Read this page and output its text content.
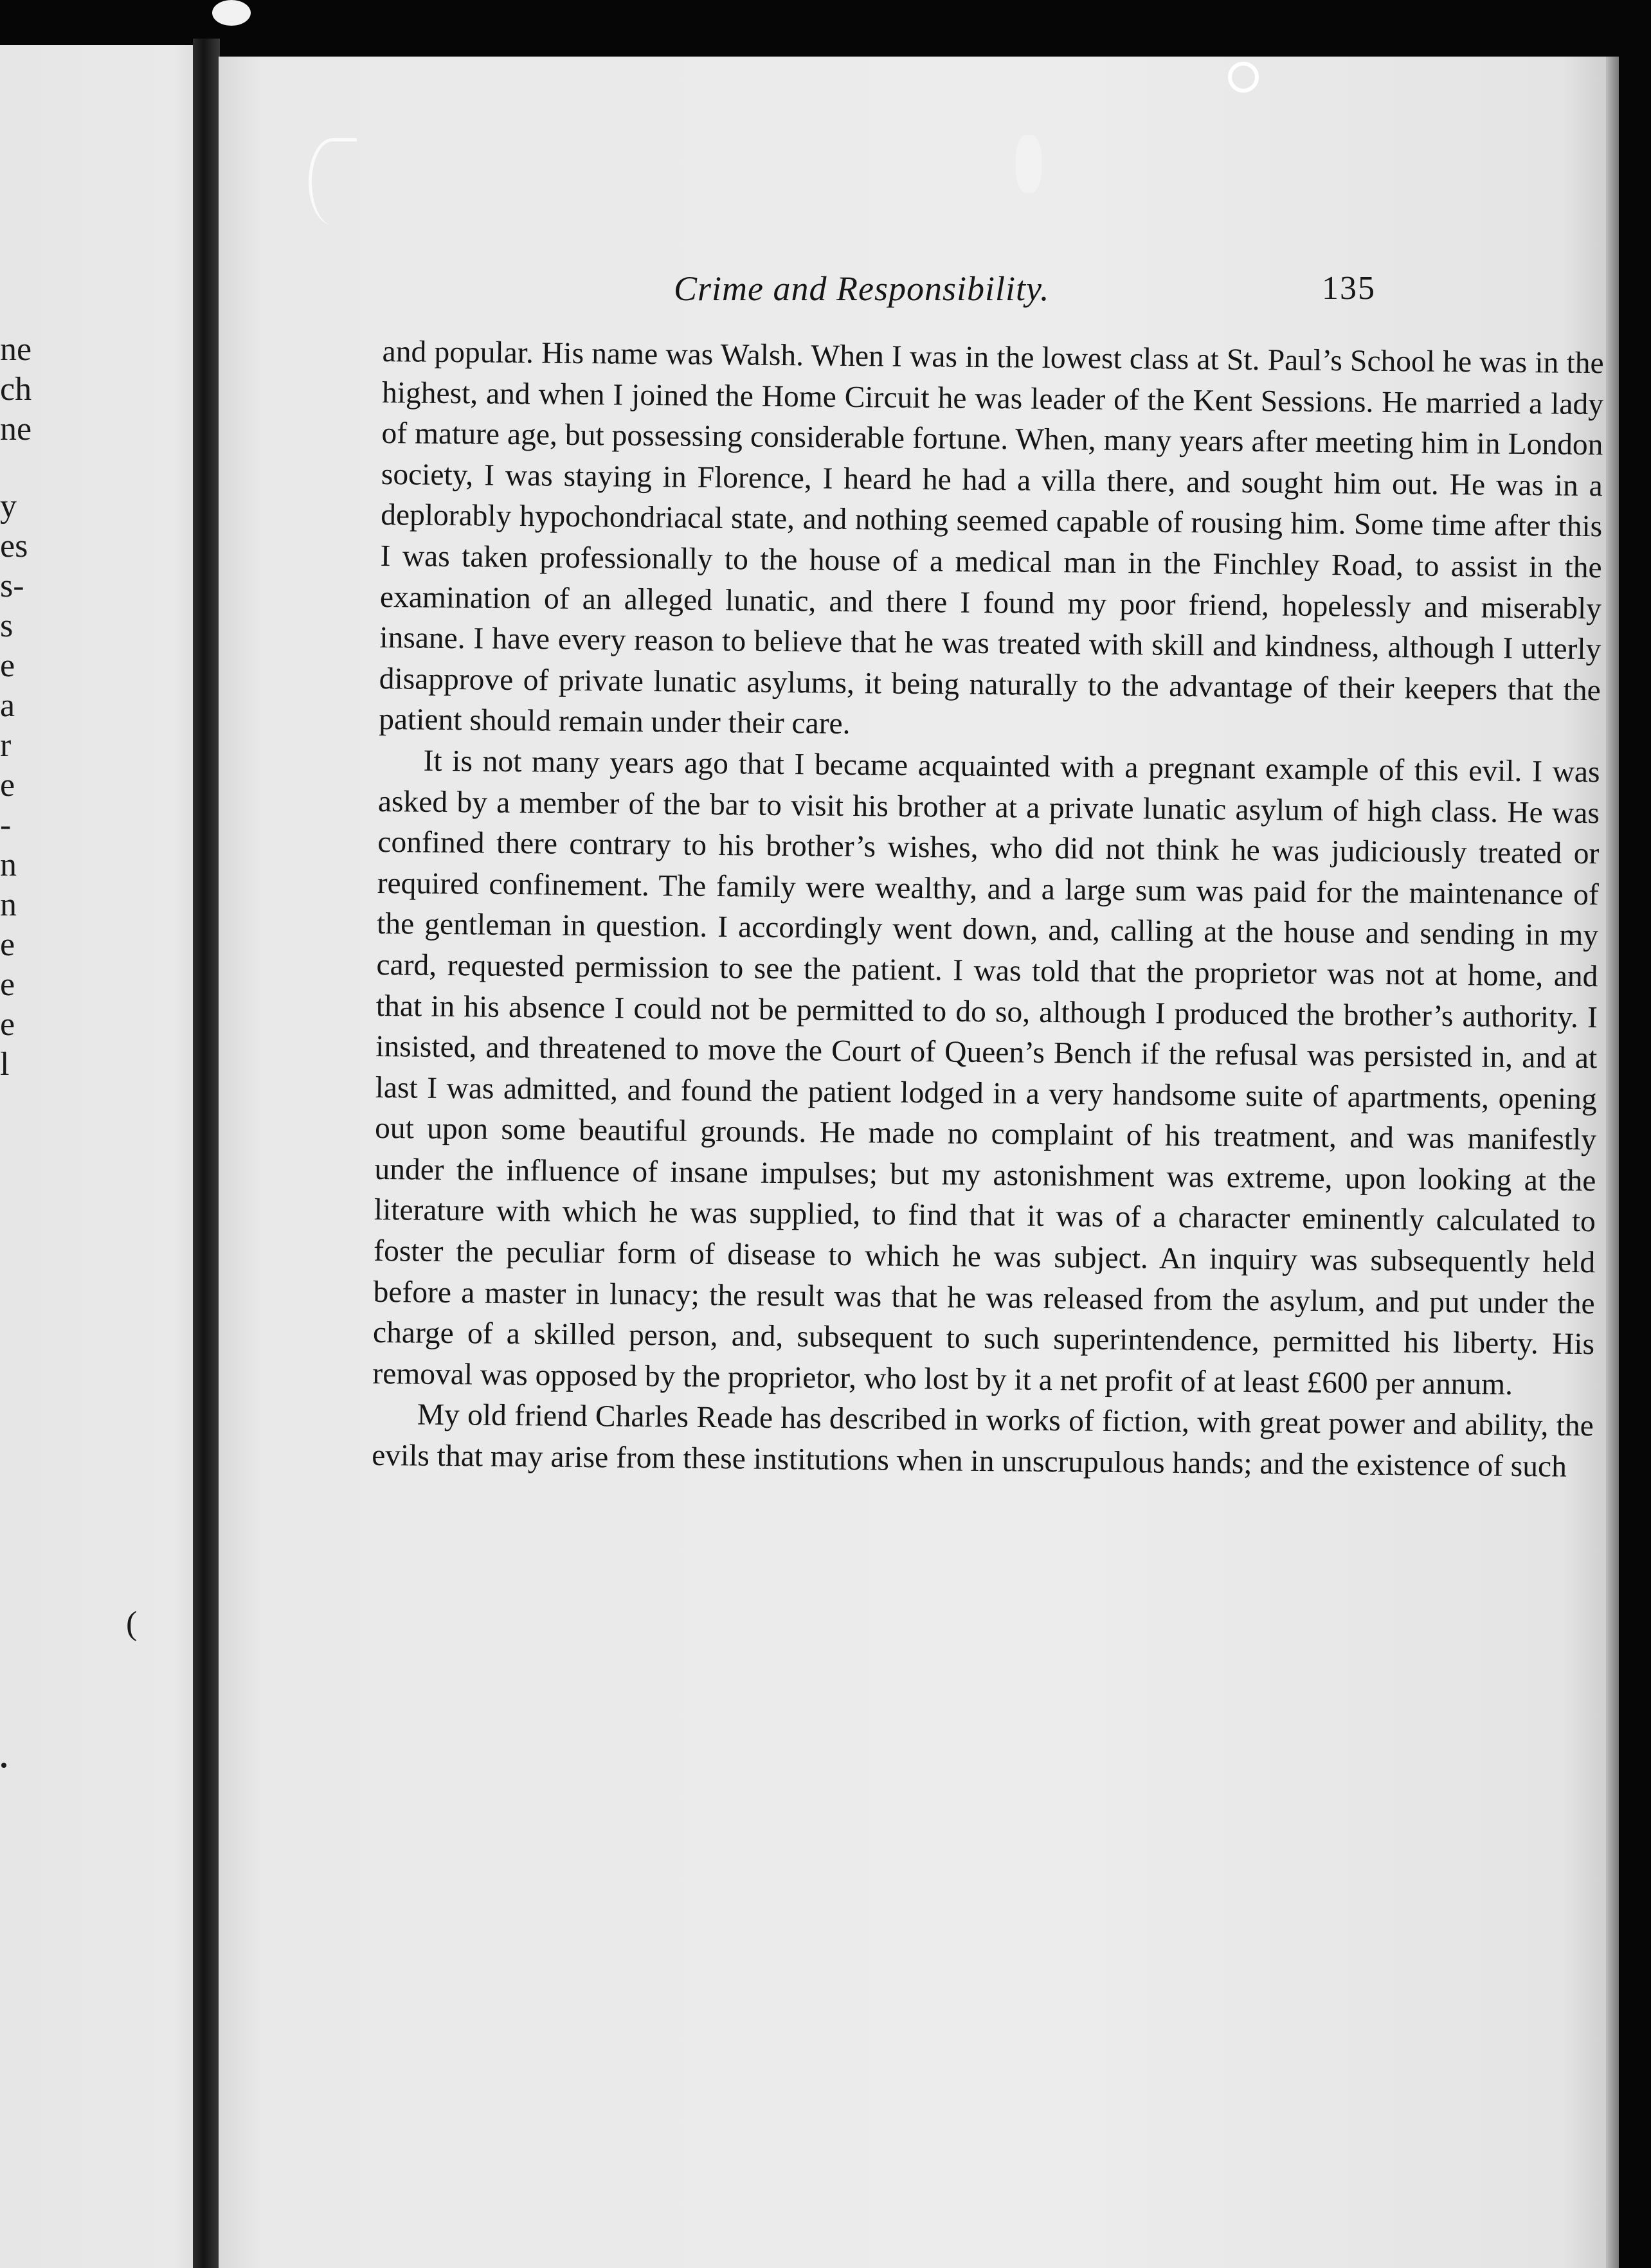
ne

ch

ne

y

es

s-

s

e

a

r

e

-

n

n

e

e

e

l

(

•

Crime and Responsibility.	135

and popular. His name was Walsh. When I was in the lowest class at St. Paul’s School he was in the highest, and when I joined the Home Circuit he was leader of the Kent Sessions. He married a lady of mature age, but possessing considerable fortune. When, many years after meeting him in London society, I was staying in Florence, I heard he had a villa there, and sought him out. He was in a deplorably hypochondriacal state, and nothing seemed capable of rousing him. Some time after this I was taken professionally to the house of a medical man in the Finchley Road, to assist in the examination of an alleged lunatic, and there I found my poor friend, hopelessly and miserably insane. I have every reason to believe that he was treated with skill and kindness, although I utterly disapprove of private lunatic asylums, it being naturally to the advantage of their keepers that the patient should remain under their care.

It is not many years ago that I became acquainted with a pregnant example of this evil. I was asked by a member of the bar to visit his brother at a private lunatic asylum of high class. He was confined there contrary to his brother’s wishes, who did not think he was judiciously treated or required confinement. The family were wealthy, and a large sum was paid for the maintenance of the gentleman in question. I accordingly went down, and, calling at the house and sending in my card, requested permission to see the patient. I was told that the proprietor was not at home, and that in his absence I could not be permitted to do so, although I produced the brother’s authority. I insisted, and threatened to move the Court of Queen’s Bench if the refusal was persisted in, and at last I was admitted, and found the patient lodged in a very handsome suite of apartments, opening out upon some beautiful grounds. He made no complaint of his treatment, and was manifestly under the influence of insane impulses; but my astonishment was extreme, upon looking at the literature with which he was supplied, to find that it was of a character eminently calculated to foster the peculiar form of disease to which he was subject. An inquiry was subsequently held before a master in lunacy; the result was that he was released from the asylum, and put under the charge of a skilled person, and, subsequent to such superintendence, permitted his liberty. His removal was opposed by the proprietor, who lost by it a net profit of at least £600 per annum.

My old friend Charles Reade has described in works of fiction, with great power and ability, the evils that may arise from these institutions when in unscrupulous hands; and the existence of such
